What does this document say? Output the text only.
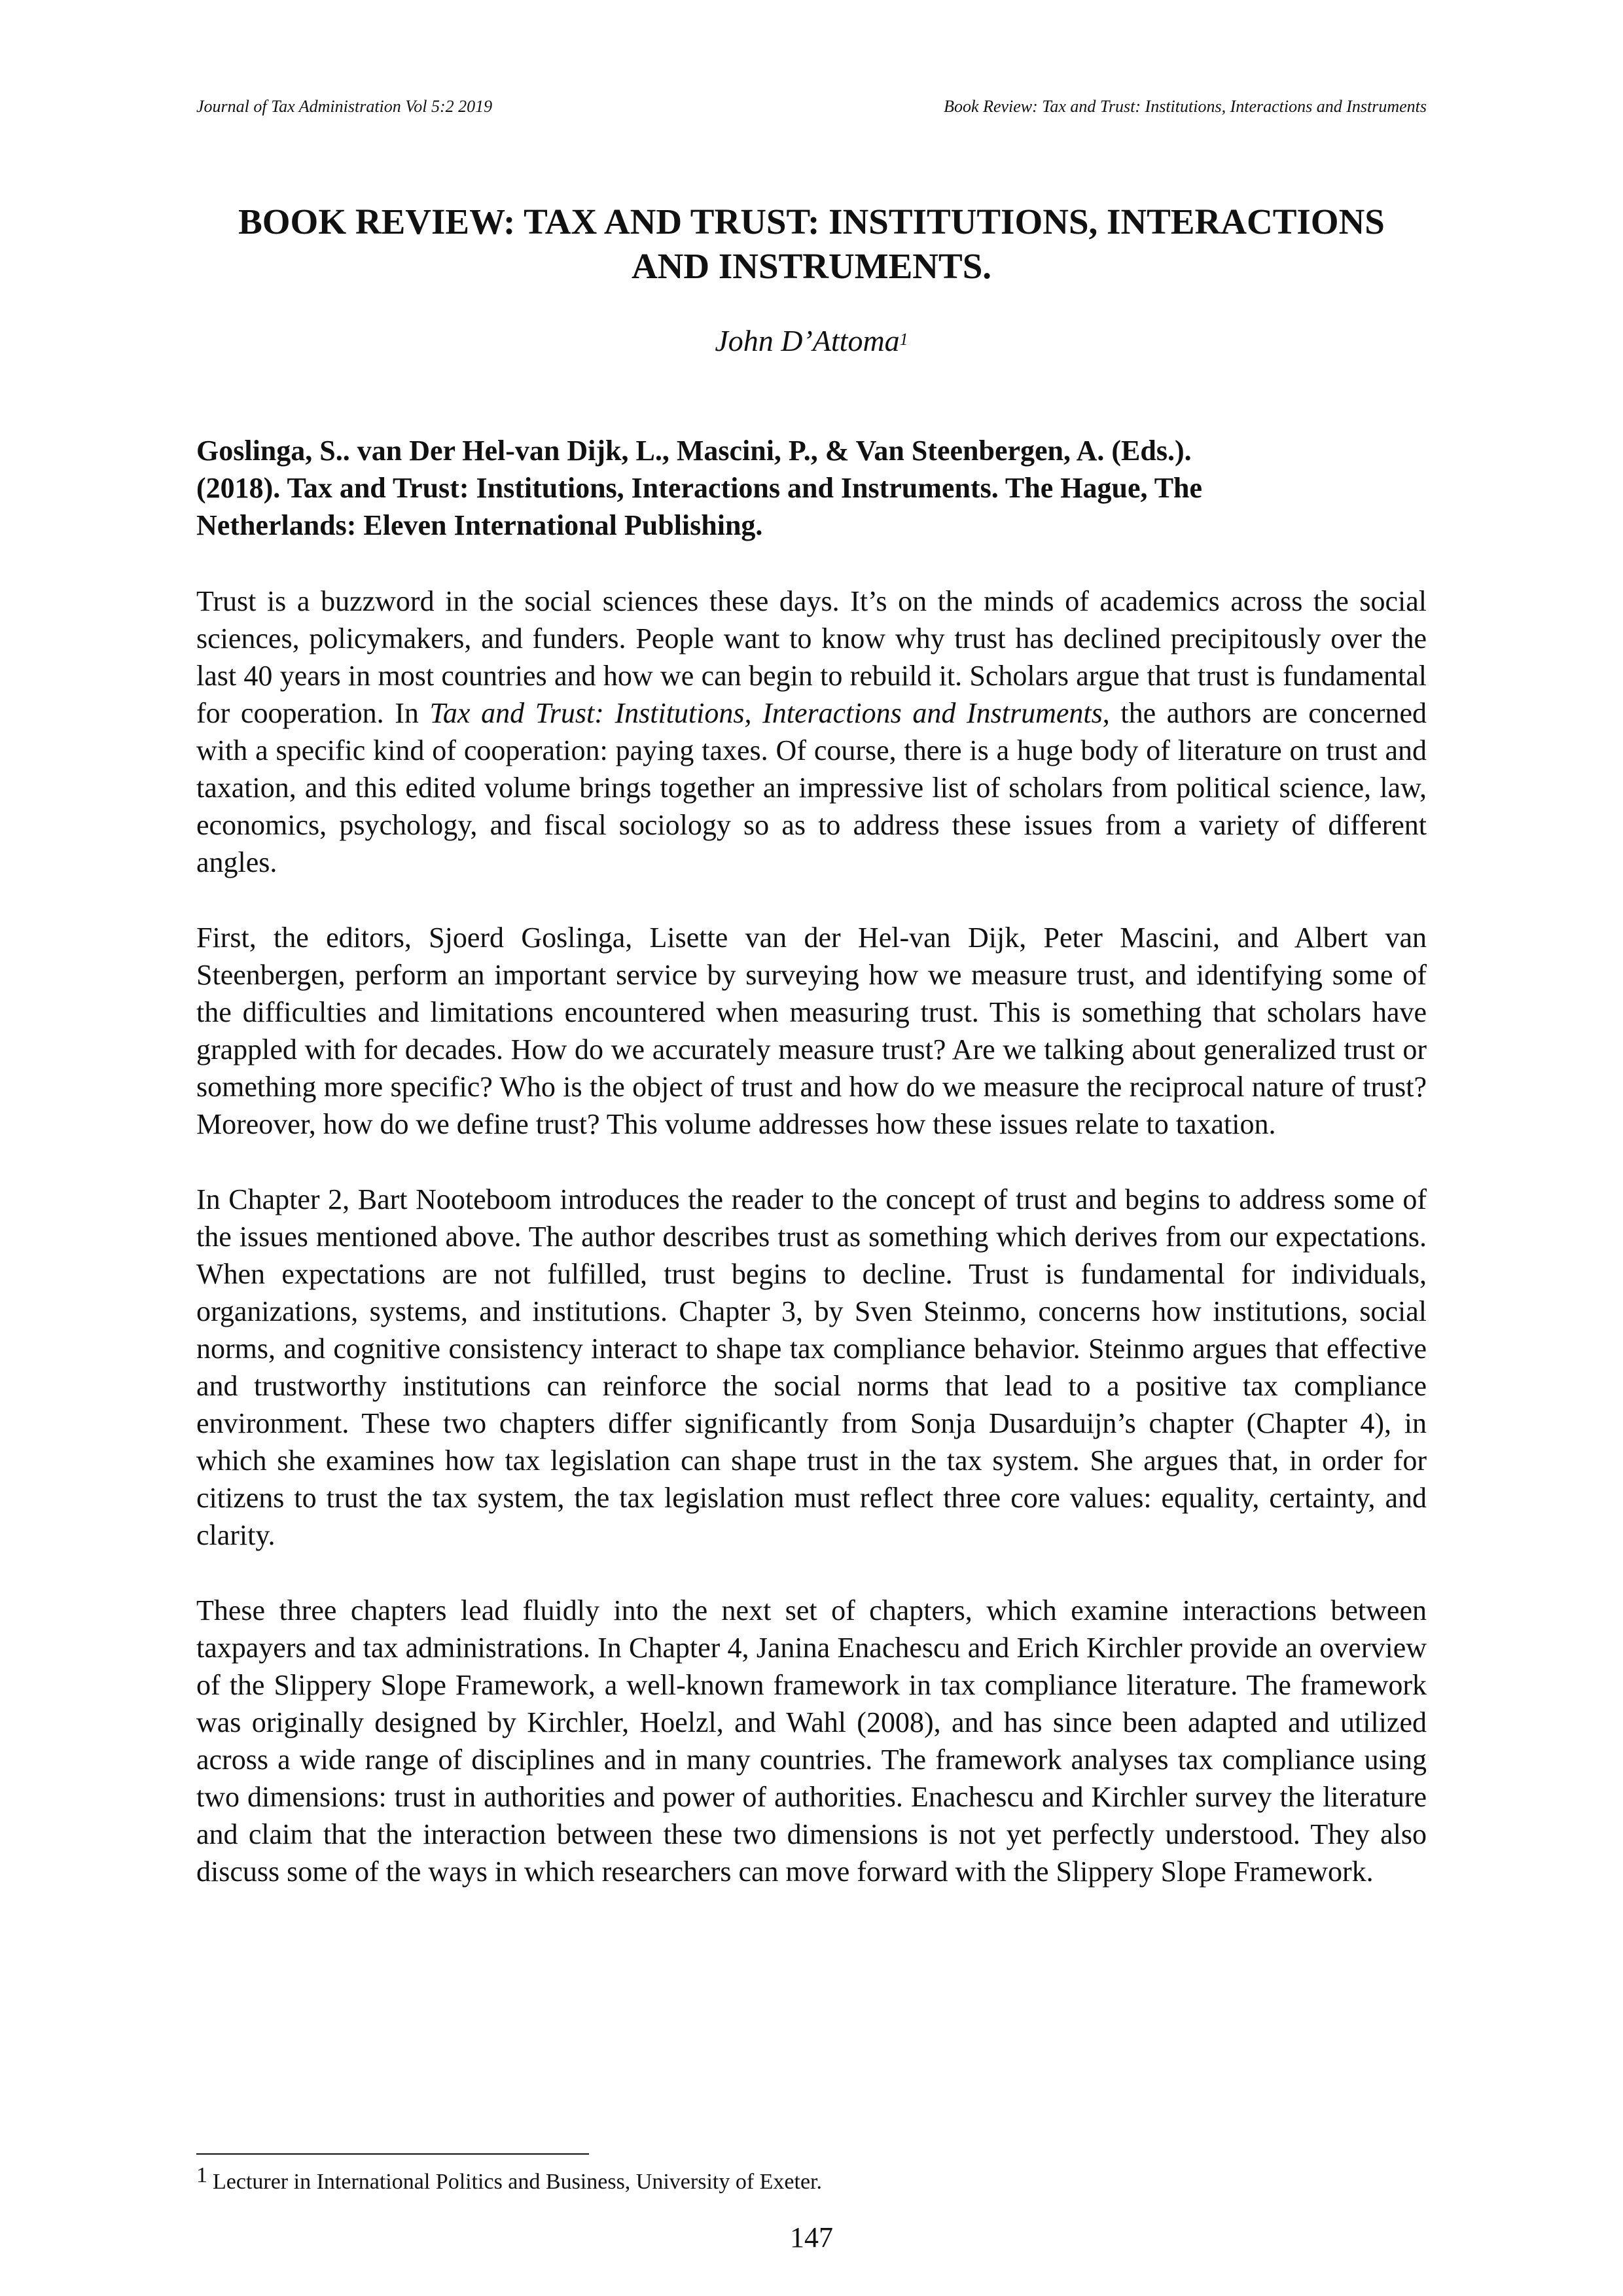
Journal of Tax Administration Vol 5:2 2019	Book Review: Tax and Trust: Institutions, Interactions and Instruments
BOOK REVIEW: TAX AND TRUST: INSTITUTIONS, INTERACTIONS
AND INSTRUMENTS.
John D’Attoma$^1$

Goslinga, S.. van Der Hel-van Dijk, L., Mascini, P., & Van Steenbergen, A. (Eds.).
(2018). Tax and Trust: Institutions, Interactions and Instruments. The Hague, The
Netherlands: Eleven International Publishing.

Trust is a buzzword in the social sciences these days. It’s on the minds of academics across the social sciences, policymakers, and funders. People want to know why trust has declined precipitously over the last 40 years in most countries and how we can begin to rebuild it. Scholars argue that trust is fundamental for cooperation. In Tax and Trust: Institutions, Interactions and Instruments, the authors are concerned with a specific kind of cooperation: paying taxes. Of course, there is a huge body of literature on trust and taxation, and this edited volume brings together an impressive list of scholars from political science, law, economics, psychology, and fiscal sociology so as to address these issues from a variety of different angles.

First, the editors, Sjoerd Goslinga, Lisette van der Hel-van Dijk, Peter Mascini, and Albert van Steenbergen, perform an important service by surveying how we measure trust, and identifying some of the difficulties and limitations encountered when measuring trust. This is something that scholars have grappled with for decades. How do we accurately measure trust? Are we talking about generalized trust or something more specific? Who is the object of trust and how do we measure the reciprocal nature of trust? Moreover, how do we define trust? This volume addresses how these issues relate to taxation.

In Chapter 2, Bart Nooteboom introduces the reader to the concept of trust and begins to address some of the issues mentioned above. The author describes trust as something which derives from our expectations. When expectations are not fulfilled, trust begins to decline. Trust is fundamental for individuals, organizations, systems, and institutions. Chapter 3, by Sven Steinmo, concerns how institutions, social norms, and cognitive consistency interact to shape tax compliance behavior. Steinmo argues that effective and trustworthy institutions can reinforce the social norms that lead to a positive tax compliance environment. These two chapters differ significantly from Sonja Dusarduijn’s chapter (Chapter 4), in which she examines how tax legislation can shape trust in the tax system. She argues that, in order for citizens to trust the tax system, the tax legislation must reflect three core values: equality, certainty, and clarity.

These three chapters lead fluidly into the next set of chapters, which examine interactions between taxpayers and tax administrations. In Chapter 4, Janina Enachescu and Erich Kirchler provide an overview of the Slippery Slope Framework, a well-known framework in tax compliance literature. The framework was originally designed by Kirchler, Hoelzl, and Wahl (2008), and has since been adapted and utilized across a wide range of disciplines and in many countries. The framework analyses tax compliance using two dimensions: trust in authorities and power of authorities. Enachescu and Kirchler survey the literature and claim that the interaction between these two dimensions is not yet perfectly understood. They also discuss some of the ways in which researchers can move forward with the Slippery Slope Framework.

$^1$ Lecturer in International Politics and Business, University of Exeter.
147
